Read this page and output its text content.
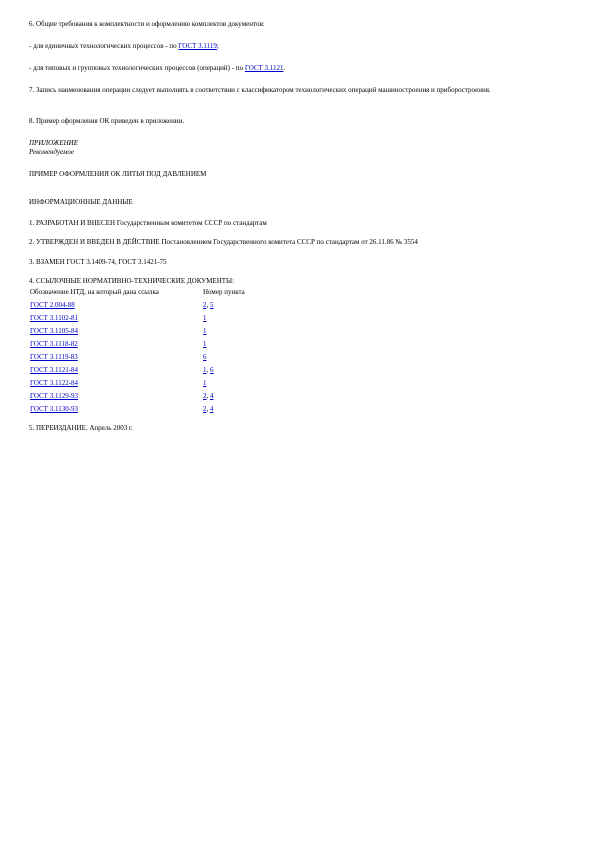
6. Общие требования к комплектности и оформлению комплектов документов:

- для единичных технологических процессов - по ГОСТ 3.1119;

- для типовых и групповых технологических процессов (операций) - по ГОСТ 3.1121.

7. Запись наименования операции следует выполнять в соответствии с классификатором технологических операций машиностроения и приборостроения.

8. Пример оформления ОК приведен в приложении.

ПРИЛОЖЕНИЕ

Рекомендуемое

ПРИМЕР ОФОРМЛЕНИЯ ОК ЛИТЬЯ ПОД ДАВЛЕНИЕМ

ИНФОРМАЦИОННЫЕ ДАННЫЕ

1. РАЗРАБОТАН И ВНЕСЕН Государственным комитетом СССР по стандартам

2. УТВЕРЖДЕН И ВВЕДЕН В ДЕЙСТВИЕ Постановлением Государственного комитета СССР по стандартам от 26.11.86 № 3554

3. ВЗАМЕН ГОСТ 3.1409-74, ГОСТ 3.1421-75

4. ССЫЛОЧНЫЕ НОРМАТИВНО-ТЕХНИЧЕСКИЕ ДОКУМЕНТЫ:

Обозначение НТД, на который дана ссылка	Номер пункта
ГОСТ 2.004-88	2, 5
ГОСТ 3.1102-81	1
ГОСТ 3.1105-84	1
ГОСТ 3.1118-82	1
ГОСТ 3.1119-83	6
ГОСТ 3.1121-84	1, 6
ГОСТ 3.1122-84	1
ГОСТ 3.1129-93	2, 4
ГОСТ 3.1130-93	2, 4

5. ПЕРЕИЗДАНИЕ. Апрель 2003 г.
